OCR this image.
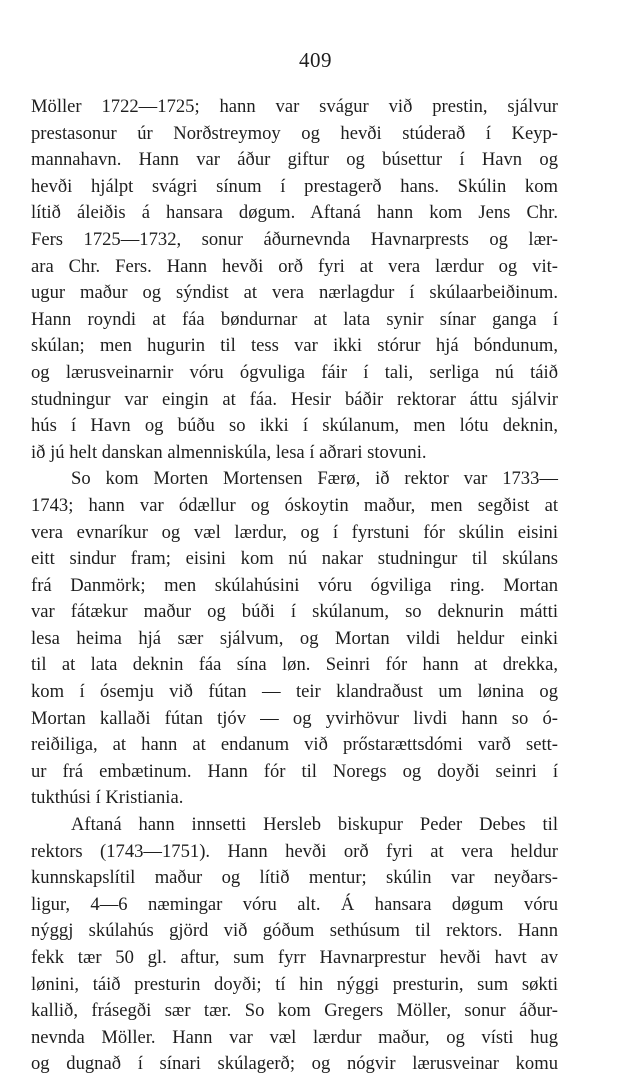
409
Möller 1722—1725; hann var svágur við prestin, sjálvur
prestasonur úr Norðstreymoy og hevði stúderað í Keyp-
mannahavn. Hann var áður giftur og búsettur í Havn og
hevði hjálpt svágri sínum í prestagerð hans. Skúlin kom
lítið áleiðis á hansara døgum. Aftaná hann kom Jens Chr.
Fers 1725—1732, sonur áðurnevnda Havnarprests og lær-
ara Chr. Fers. Hann hevði orð fyri at vera lærdur og vit-
ugur maður og sýndist at vera nærlagdur í skúlaarbeiðinum.
Hann royndi at fáa bøndurnar at lata synir sínar ganga í
skúlan; men hugurin til tess var ikki stórur hjá bóndunum,
og lærusveinarnir vóru ógvuliga fáir í tali, serliga nú táið
studningur var eingin at fáa. Hesir báðir rektorar áttu sjálvir
hús í Havn og búðu so ikki í skúlanum, men lótu deknin,
ið jú helt danskan almenniskúla, lesa í aðrari stovuni.
So kom Morten Mortensen Færø, ið rektor var 1733—
1743; hann var ódællur og óskoytin maður, men segðist at
vera evnaríkur og væl lærdur, og í fyrstuni fór skúlin eisini
eitt sindur fram; eisini kom nú nakar studningur til skúlans
frá Danmörk; men skúlahúsini vóru ógviliga ring. Mortan
var fátækur maður og búði í skúlanum, so deknurin mátti
lesa heima hjá sær sjálvum, og Mortan vildi heldur einki
til at lata deknin fáa sína løn. Seinri fór hann at drekka,
kom í ósemju við fútan — teir klandraðust um lønina og
Mortan kallaði fútan tjóv — og yvirhövur livdi hann so ó-
reiðiliga, at hann at endanum við prőstarættsdómi varð sett-
ur frá embætinum. Hann fór til Noregs og doyði seinri í
tukthúsi í Kristiania.
Aftaná hann innsetti Hersleb biskupur Peder Debes til
rektors (1743—1751). Hann hevði orð fyri at vera heldur
kunnskapslítil maður og lítið mentur; skúlin var neyðars-
ligur, 4—6 næmingar vóru alt. Á hansara døgum vóru
nýggj skúlahús gjörd við góðum sethúsum til rektors. Hann
fekk tær 50 gl. aftur, sum fyrr Havnarprestur hevði havt av
lønini, táið presturin doyði; tí hin nýggi presturin, sum søkti
kallið, frásegði sær tær. So kom Gregers Möller, sonur áður-
nevnda Möller. Hann var væl lærdur maður, og vísti hug
og dugnað í sínari skúlagerð; og nógvir lærusveinar komu
